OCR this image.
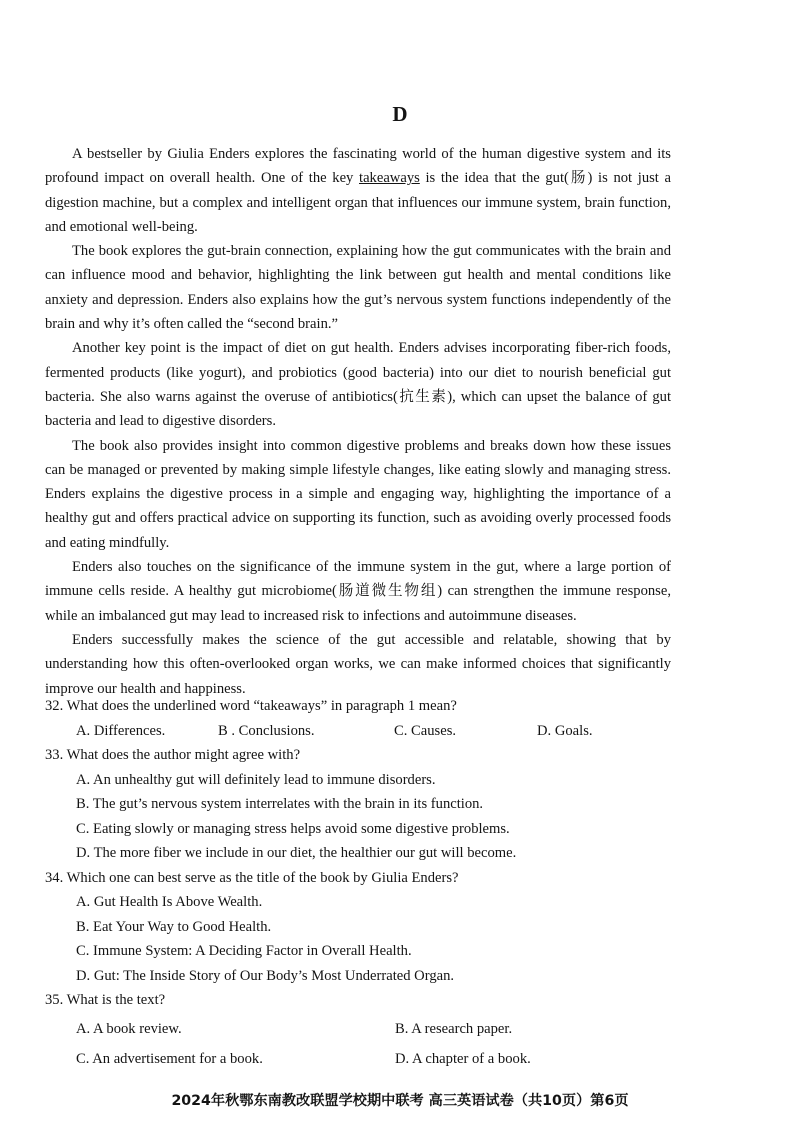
D

A bestseller by Giulia Enders explores the fascinating world of the human digestive system and its profound impact on overall health. One of the key takeaways is the idea that the gut(肠) is not just a digestion machine, but a complex and intelligent organ that influences our immune system, brain function, and emotional well-being.

The book explores the gut-brain connection, explaining how the gut communicates with the brain and can influence mood and behavior, highlighting the link between gut health and mental conditions like anxiety and depression. Enders also explains how the gut’s nervous system functions independently of the brain and why it’s often called the “second brain.”

Another key point is the impact of diet on gut health. Enders advises incorporating fiber-rich foods, fermented products (like yogurt), and probiotics (good bacteria) into our diet to nourish beneficial gut bacteria. She also warns against the overuse of antibiotics(抗生素), which can upset the balance of gut bacteria and lead to digestive disorders.

The book also provides insight into common digestive problems and breaks down how these issues can be managed or prevented by making simple lifestyle changes, like eating slowly and managing stress. Enders explains the digestive process in a simple and engaging way, highlighting the importance of a healthy gut and offers practical advice on supporting its function, such as avoiding overly processed foods and eating mindfully.

Enders also touches on the significance of the immune system in the gut, where a large portion of immune cells reside. A healthy gut microbiome(肠道微生物组) can strengthen the immune response, while an imbalanced gut may lead to increased risk to infections and autoimmune diseases.

Enders successfully makes the science of the gut accessible and relatable, showing that by understanding how this often-overlooked organ works, we can make informed choices that significantly improve our health and happiness.

32. What does the underlined word “takeaways” in paragraph 1 mean?

A. Differences.	B . Conclusions.	C. Causes.	D. Goals.

33. What does the author might agree with?

A. An unhealthy gut will definitely lead to immune disorders.
B. The gut’s nervous system interrelates with the brain in its function.
C. Eating slowly or managing stress helps avoid some digestive problems.
D. The more fiber we include in our diet, the healthier our gut will become.

34. Which one can best serve as the title of the book by Giulia Enders?

A. Gut Health Is Above Wealth.
B. Eat Your Way to Good Health.
C. Immune System: A Deciding Factor in Overall Health.
D. Gut: The Inside Story of Our Body’s Most Underrated Organ.

35. What is the text?

A. A book review.	B. A research paper.
C. An advertisement for a book.	D. A chapter of a book.
2024年秋鄂东南教改联盟学校期中联考 高三英语试卷（共10页）第6页
